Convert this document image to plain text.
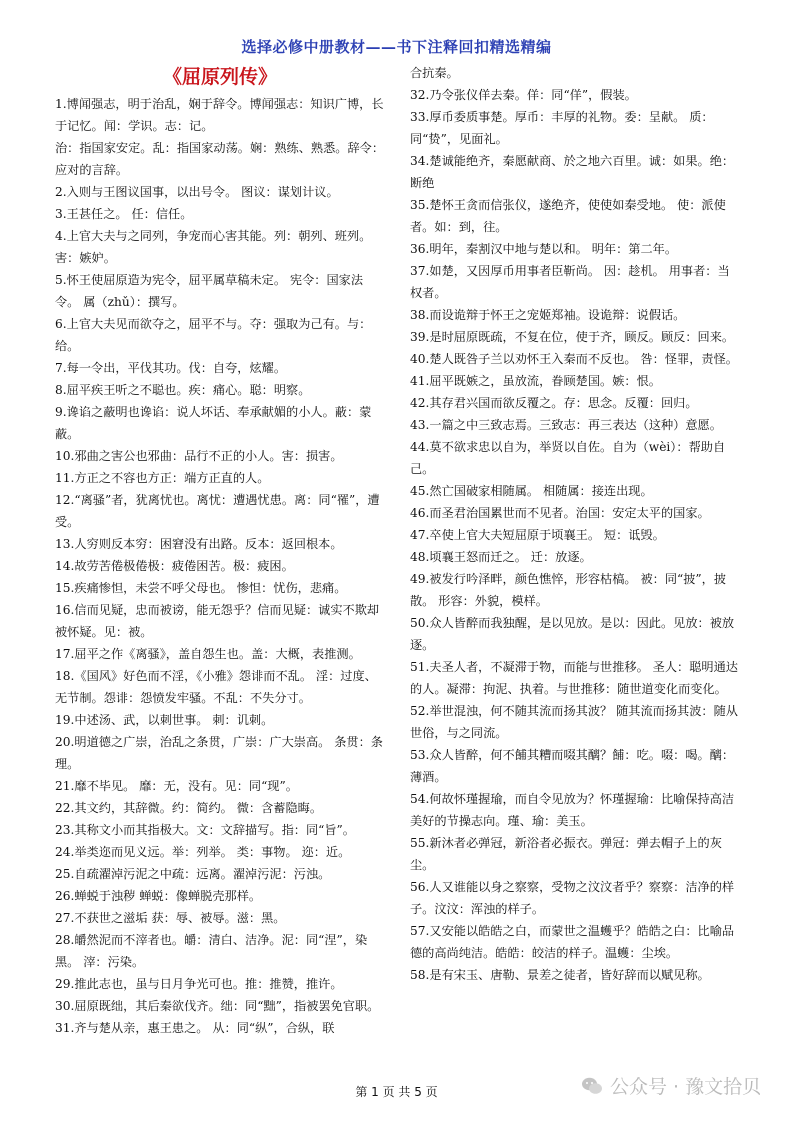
选择必修中册教材——书下注释回扣精选精编
《屈原列传》

1.博闻强志，明于治乱，娴于辞令。博闻强志：知识广博，长于记忆。闻：学识。志：记。

治：指国家安定。乱：指国家动荡。娴：熟练、熟悉。辞令：应对的言辞。

2.入则与王图议国事，以出号令。 图议：谋划计议。

3.王甚任之。 任：信任。

4.上官大夫与之同列，争宠而心害其能。列：朝列、班列。害：嫉妒。

5.怀王使屈原造为宪令，屈平属草稿未定。 宪令：国家法令。 属（zhǔ）：撰写。

6.上官大夫见而欲夺之，屈平不与。夺：强取为己有。与：给。

7.每一令出，平伐其功。伐：自夸，炫耀。

8.屈平疾王听之不聪也。疾：痛心。聪：明察。

9.谗谄之蔽明也谗谄：说人坏话、奉承献媚的小人。蔽：蒙蔽。

10.邪曲之害公也邪曲：品行不正的小人。害：损害。

11.方正之不容也方正：端方正直的人。

12.“离骚”者，犹离忧也。离忧：遭遇忧患。离：同“罹”，遭受。

13.人穷则反本穷：困窘没有出路。反本：返回根本。

14.故劳苦倦极倦极：疲倦困苦。极：疲困。

15.疾痛惨怛，未尝不呼父母也。 惨怛：忧伤，悲痛。

16.信而见疑，忠而被谤，能无怨乎？信而见疑：诚实不欺却被怀疑。见：被。

17.屈平之作《离骚》，盖自怨生也。盖：大概，表推测。

18.《国风》好色而不淫，《小雅》怨诽而不乱。 淫：过度、无节制。怨诽：怨愤发牢骚。不乱：不失分寸。

19.中述汤、武，以刺世事。 刺：讥刺。

20.明道德之广崇，治乱之条贯，广崇：广大崇高。 条贯：条理。

21.靡不毕见。 靡：无，没有。见：同“现”。

22.其文约，其辞微。约：简约。 微：含蓄隐晦。

23.其称文小而其指极大。文：文辞描写。指：同“旨”。

24.举类迩而见义远。举：列举。 类：事物。 迩：近。

25.自疏濯淖污泥之中疏：远离。濯淖污泥：污浊。

26.蝉蜕于浊秽 蝉蜕：像蝉脱壳那样。

27.不获世之滋垢 获：辱、被辱。滋：黑。

28.皭然泥而不滓者也。皭：清白、洁净。泥：同“涅”，染黑。 滓：污染。

29.推此志也，虽与日月争光可也。推：推赞，推许。

30.屈原既绌，其后秦欲伐齐。绌：同“黜”，指被罢免官职。

31.齐与楚从亲，惠王患之。 从：同“纵”，合纵，联

合抗秦。

32.乃令张仪佯去秦。佯：同“佯”，假装。

33.厚币委质事楚。厚币：丰厚的礼物。委：呈献。 质：同“贽”，见面礼。

34.楚诚能绝齐，秦愿献商、於之地六百里。诚：如果。绝：断绝

35.楚怀王贪而信张仪，遂绝齐，使使如秦受地。 使：派使者。如：到，往。

36.明年，秦割汉中地与楚以和。 明年：第二年。

37.如楚，又因厚币用事者臣靳尚。 因：趁机。 用事者：当权者。

38.而设诡辩于怀王之宠姬郑袖。设诡辩：说假话。

39.是时屈原既疏，不复在位，使于齐，顾反。顾反：回来。

40.楚人既咎子兰以劝怀王入秦而不反也。 咎：怪罪，责怪。

41.屈平既嫉之，虽放流，眷顾楚国。嫉：恨。

42.其存君兴国而欲反覆之。存：思念。反覆：回归。

43.一篇之中三致志焉。三致志：再三表达（这种）意愿。

44.莫不欲求忠以自为，举贤以自佐。自为（wèi）：帮助自己。

45.然亡国破家相随属。 相随属：接连出现。

46.而圣君治国累世而不见者。治国：安定太平的国家。

47.卒使上官大夫短屈原于顷襄王。 短：诋毁。

48.顷襄王怒而迁之。 迁：放逐。

49.被发行吟泽畔，颜色憔悴，形容枯槁。 被：同“披”，披散。 形容：外貌，模样。

50.众人皆醉而我独醒，是以见放。是以：因此。见放：被放逐。

51.夫圣人者，不凝滞于物，而能与世推移。 圣人：聪明通达的人。凝滞：拘泥、执着。与世推移：随世道变化而变化。

52.举世混浊，何不随其流而扬其波？ 随其流而扬其波：随从世俗，与之同流。

53.众人皆醉，何不餔其糟而啜其醨？餔：吃。啜：喝。醨：薄酒。

54.何故怀瑾握瑜，而自令见放为？怀瑾握瑜：比喻保持高洁美好的节操志向。瑾、瑜：美玉。

55.新沐者必弹冠，新浴者必振衣。弹冠：弹去帽子上的灰尘。

56.人又谁能以身之察察，受物之汶汶者乎？察察：洁净的样子。汶汶：浑浊的样子。

57.又安能以皓皓之白，而蒙世之温蠖乎？皓皓之白：比喻品德的高尚纯洁。皓皓：皎洁的样子。温蠖：尘埃。

58.是有宋玉、唐勒、景差之徒者，皆好辞而以赋见称。

第 1 页 共 5 页	公众号 · 豫文拾贝
